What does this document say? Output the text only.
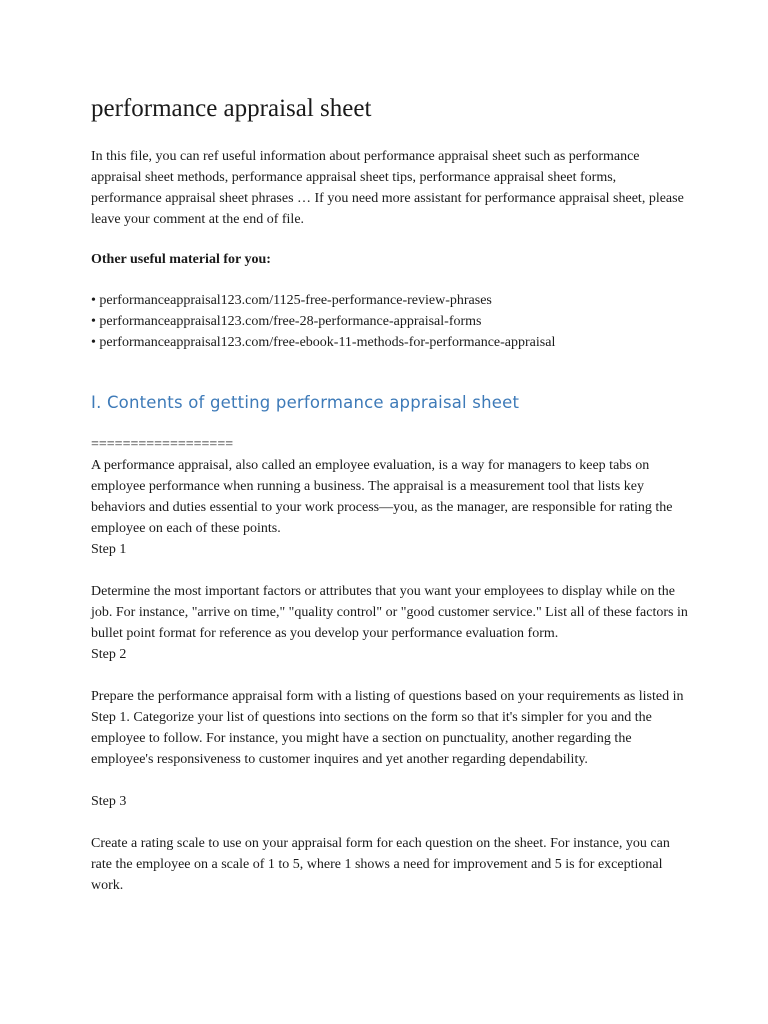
performance appraisal sheet

In this file, you can ref useful information about performance appraisal sheet such as performance appraisal sheet methods, performance appraisal sheet tips, performance appraisal sheet forms, performance appraisal sheet phrases … If you need more assistant for performance appraisal sheet, please leave your comment at the end of file.

Other useful material for you:

• performanceappraisal123.com/1125-free-performance-review-phrases
• performanceappraisal123.com/free-28-performance-appraisal-forms
• performanceappraisal123.com/free-ebook-11-methods-for-performance-appraisal
I. Contents of getting performance appraisal sheet

==================

A performance appraisal, also called an employee evaluation, is a way for managers to keep tabs on employee performance when running a business. The appraisal is a measurement tool that lists key behaviors and duties essential to your work process—you, as the manager, are responsible for rating the employee on each of these points.

Step 1

Determine the most important factors or attributes that you want your employees to display while on the job. For instance, "arrive on time," "quality control" or "good customer service." List all of these factors in bullet point format for reference as you develop your performance evaluation form.

Step 2

Prepare the performance appraisal form with a listing of questions based on your requirements as listed in Step 1. Categorize your list of questions into sections on the form so that it's simpler for you and the employee to follow. For instance, you might have a section on punctuality, another regarding the employee's responsiveness to customer inquires and yet another regarding dependability.

Step 3

Create a rating scale to use on your appraisal form for each question on the sheet. For instance, you can rate the employee on a scale of 1 to 5, where 1 shows a need for improvement and 5 is for exceptional work.
